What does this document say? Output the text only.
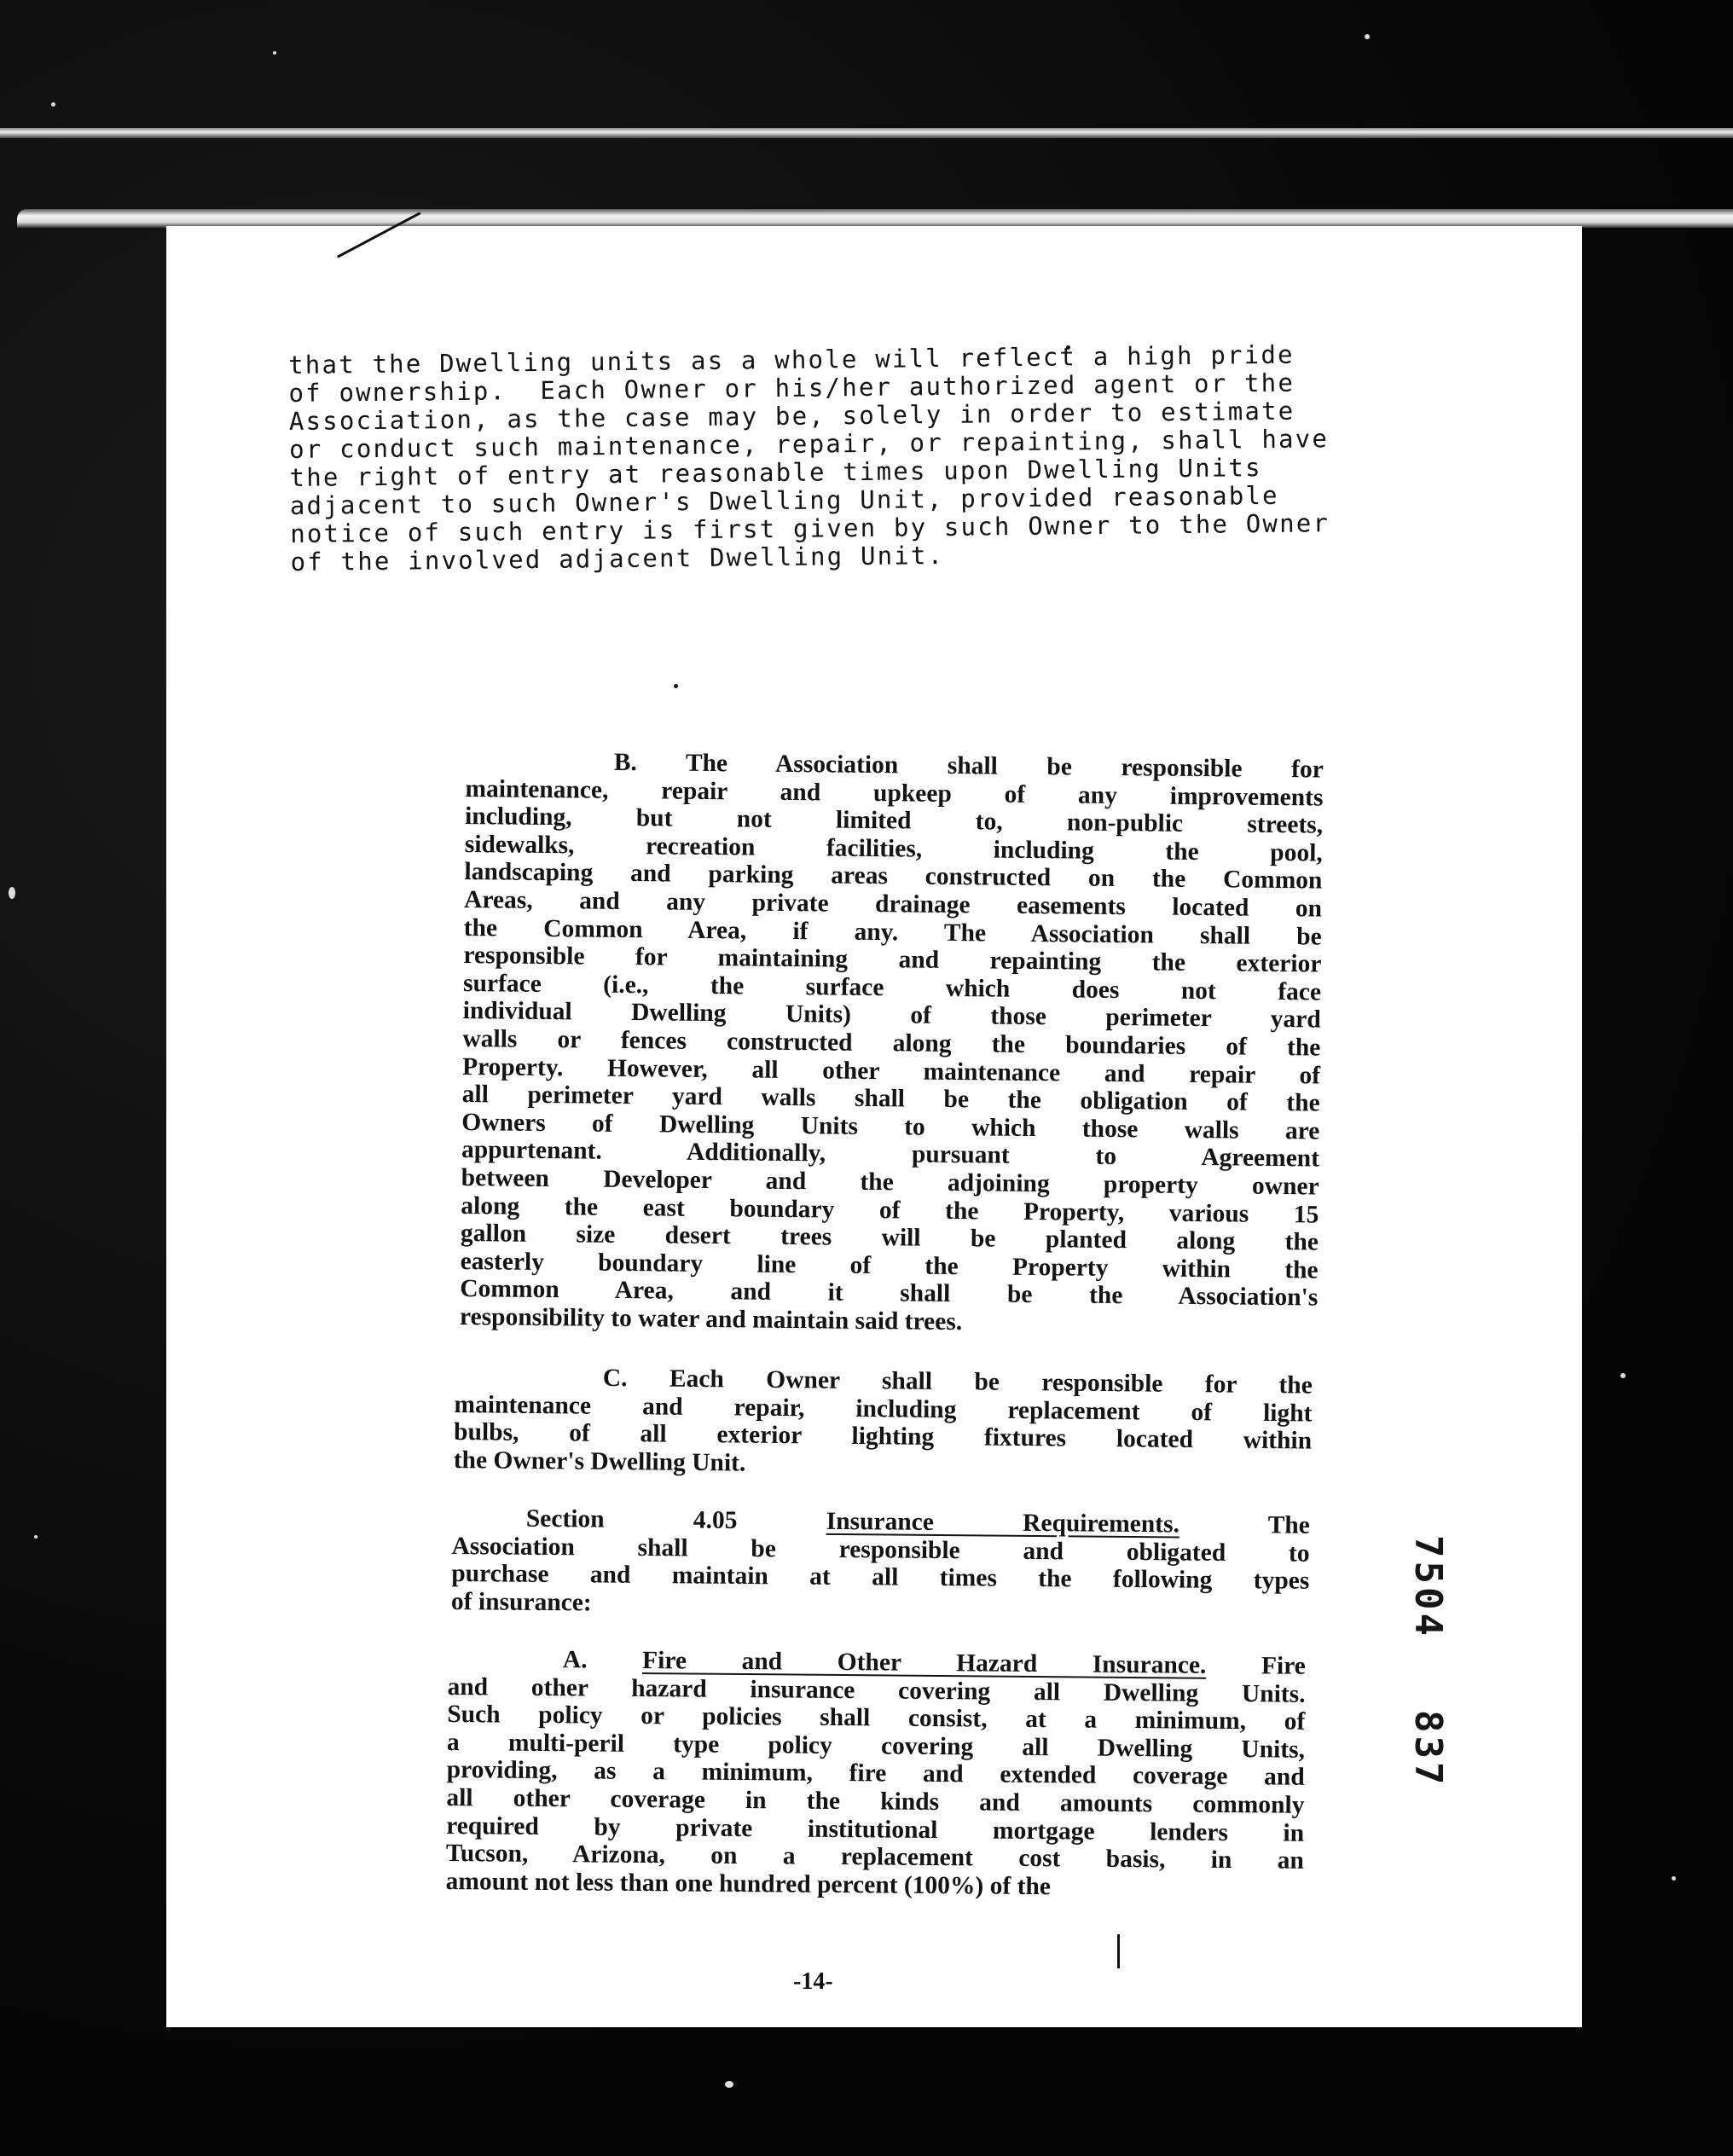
that the Dwelling units as a whole will reflect a high pride
of ownership.  Each Owner or his/her authorized agent or the
Association, as the case may be, solely in order to estimate
or conduct such maintenance, repair, or repainting, shall have
the right of entry at reasonable times upon Dwelling Units
adjacent to such Owner's Dwelling Unit, provided reasonable
notice of such entry is first given by such Owner to the Owner
of the involved adjacent Dwelling Unit.
B. The Association shall be responsible for
maintenance, repair and upkeep of any improvements
including, but not limited to, non-public streets,
sidewalks, recreation facilities, including the pool,
landscaping and parking areas constructed on the Common
Areas, and any private drainage easements located on
the Common Area, if any. The Association shall be
responsible for maintaining and repainting the exterior
surface (i.e., the surface which does not face
individual Dwelling Units) of those perimeter yard
walls or fences constructed along the boundaries of the
Property. However, all other maintenance and repair of
all perimeter yard walls shall be the obligation of the
Owners of Dwelling Units to which those walls are
appurtenant. Additionally, pursuant to Agreement
between Developer and the adjoining property owner
along the east boundary of the Property, various 15
gallon size desert trees will be planted along the
easterly boundary line of the Property within the
Common Area, and it shall be the Association's
responsibility to water and maintain said trees.
C. Each Owner shall be responsible for the
maintenance and repair, including replacement of light
bulbs, of all exterior lighting fixtures located within
the Owner's Dwelling Unit.
Section 4.05	Insurance Requirements.	The
Association shall be responsible and obligated to
purchase and maintain at all times the following types
of insurance:
A. Fire and Other Hazard Insurance. Fire
and other hazard insurance covering all Dwelling Units.
Such policy or policies shall consist, at a minimum, of
a multi-peril type policy covering all Dwelling Units,
providing, as a minimum, fire and extended coverage and
all other coverage in the kinds and amounts commonly
required by private institutional mortgage lenders in
Tucson, Arizona, on a replacement cost basis, in an
amount not less than one hundred percent (100%) of the
7504
837
-14-
